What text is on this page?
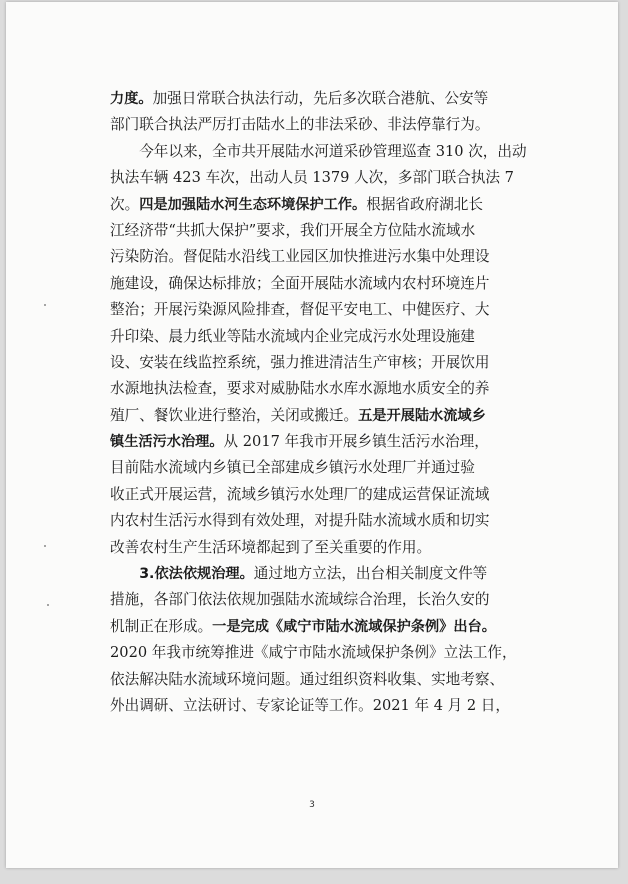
力度。加强日常联合执法行动，先后多次联合港航、公安等
部门联合执法严厉打击陆水上的非法采砂、非法停靠行为。
今年以来，全市共开展陆水河道采砂管理巡查 310 次，出动
执法车辆 423 车次，出动人员 1379 人次，多部门联合执法 7
次。四是加强陆水河生态环境保护工作。根据省政府湖北长
江经济带“共抓大保护”要求，我们开展全方位陆水流域水
污染防治。督促陆水沿线工业园区加快推进污水集中处理设
施建设，确保达标排放；全面开展陆水流域内农村环境连片
整治；开展污染源风险排查，督促平安电工、中健医疗、大
升印染、晨力纸业等陆水流域内企业完成污水处理设施建
设、安装在线监控系统，强力推进清洁生产审核；开展饮用
水源地执法检查，要求对威胁陆水水库水源地水质安全的养
殖厂、餐饮业进行整治，关闭或搬迁。五是开展陆水流域乡
镇生活污水治理。从 2017 年我市开展乡镇生活污水治理，
目前陆水流域内乡镇已全部建成乡镇污水处理厂并通过验
收正式开展运营，流域乡镇污水处理厂的建成运营保证流域
内农村生活污水得到有效处理，对提升陆水流域水质和切实
改善农村生产生活环境都起到了至关重要的作用。
3.依法依规治理。通过地方立法，出台相关制度文件等
措施，各部门依法依规加强陆水流域综合治理，长治久安的
机制正在形成。一是完成《咸宁市陆水流域保护条例》出台。
2020 年我市统筹推进《咸宁市陆水流域保护条例》立法工作，
依法解决陆水流域环境问题。通过组织资料收集、实地考察、
外出调研、立法研讨、专家论证等工作。2021 年 4 月 2 日，
3
